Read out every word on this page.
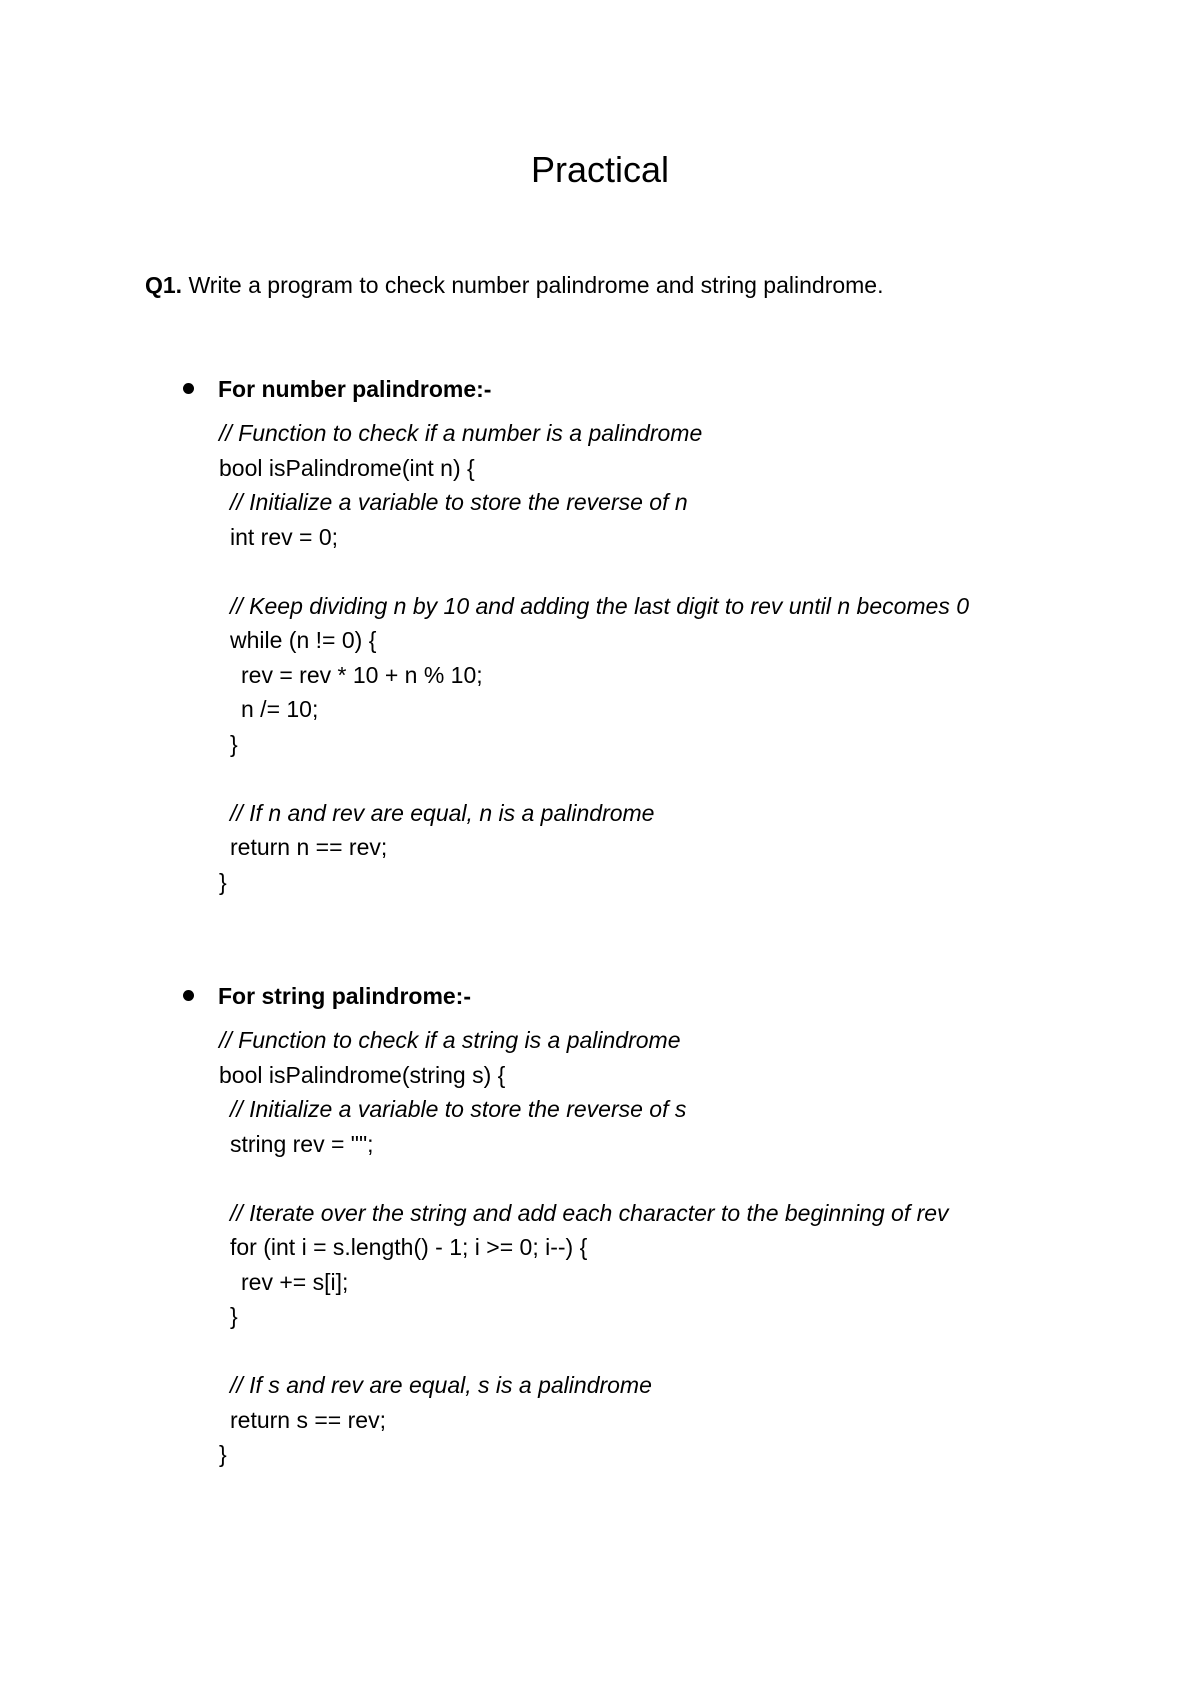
Practical
Q1. Write a program to check number palindrome and string palindrome.
For number palindrome:-
// Function to check if a number is a palindrome
bool isPalindrome(int n) {
// Initialize a variable to store the reverse of n
int rev = 0;
// Keep dividing n by 10 and adding the last digit to rev until n becomes 0
while (n != 0) {
rev = rev * 10 + n % 10;
n /= 10;
}
// If n and rev are equal, n is a palindrome
return n == rev;
}
For string palindrome:-
// Function to check if a string is a palindrome
bool isPalindrome(string s) {
// Initialize a variable to store the reverse of s
string rev = "";
// Iterate over the string and add each character to the beginning of rev
for (int i = s.length() - 1; i >= 0; i--) {
rev += s[i];
}
// If s and rev are equal, s is a palindrome
return s == rev;
}
